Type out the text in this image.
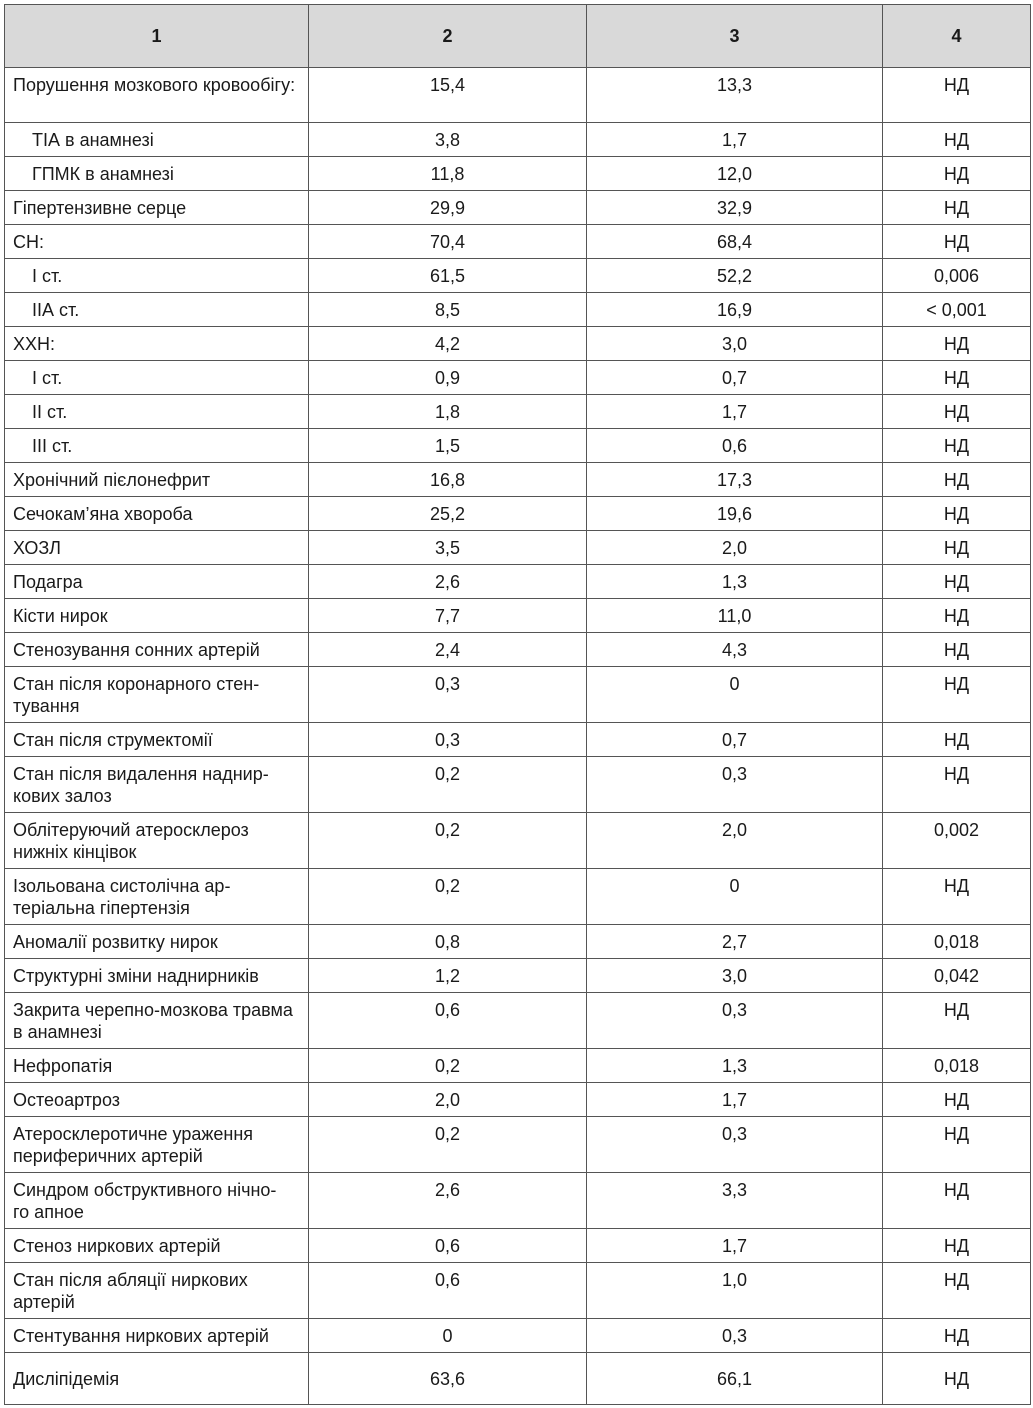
1	2	3	4
Порушення мозкового кровообігу:	15,4	13,3	НД
ТІА в анамнезі	3,8	1,7	НД
ГПМК в анамнезі	11,8	12,0	НД
Гіпертензивне серце	29,9	32,9	НД
СН:	70,4	68,4	НД
І ст.	61,5	52,2	0,006
ІІА ст.	8,5	16,9	< 0,001
ХХН:	4,2	3,0	НД
І ст.	0,9	0,7	НД
ІІ ст.	1,8	1,7	НД
ІІІ ст.	1,5	0,6	НД
Хронічний пієлонефрит	16,8	17,3	НД
Сечокам’яна хвороба	25,2	19,6	НД
ХОЗЛ	3,5	2,0	НД
Подагра	2,6	1,3	НД
Кісти нирок	7,7	11,0	НД
Стенозування сонних артерій	2,4	4,3	НД
Стан після коронарного стен-
тування	0,3	0	НД
Стан після струмектомії	0,3	0,7	НД
Стан після видалення наднир-
кових залоз	0,2	0,3	НД
Облітеруючий атеросклероз нижніх кінцівок	0,2	2,0	0,002
Ізольована систолічна ар-
теріальна гіпертензія	0,2	0	НД
Аномалії розвитку нирок	0,8	2,7	0,018
Структурні зміни наднирників	1,2	3,0	0,042
Закрита черепно-мозкова травма в анамнезі	0,6	0,3	НД
Нефропатія	0,2	1,3	0,018
Остеоартроз	2,0	1,7	НД
Атеросклеротичне ураження периферичних артерій	0,2	0,3	НД
Синдром обструктивного нічно-
го апное	2,6	3,3	НД
Стеноз ниркових артерій	0,6	1,7	НД
Стан після абляції ниркових артерій	0,6	1,0	НД
Стентування ниркових артерій	0	0,3	НД
Дисліпідемія	63,6	66,1	НД
